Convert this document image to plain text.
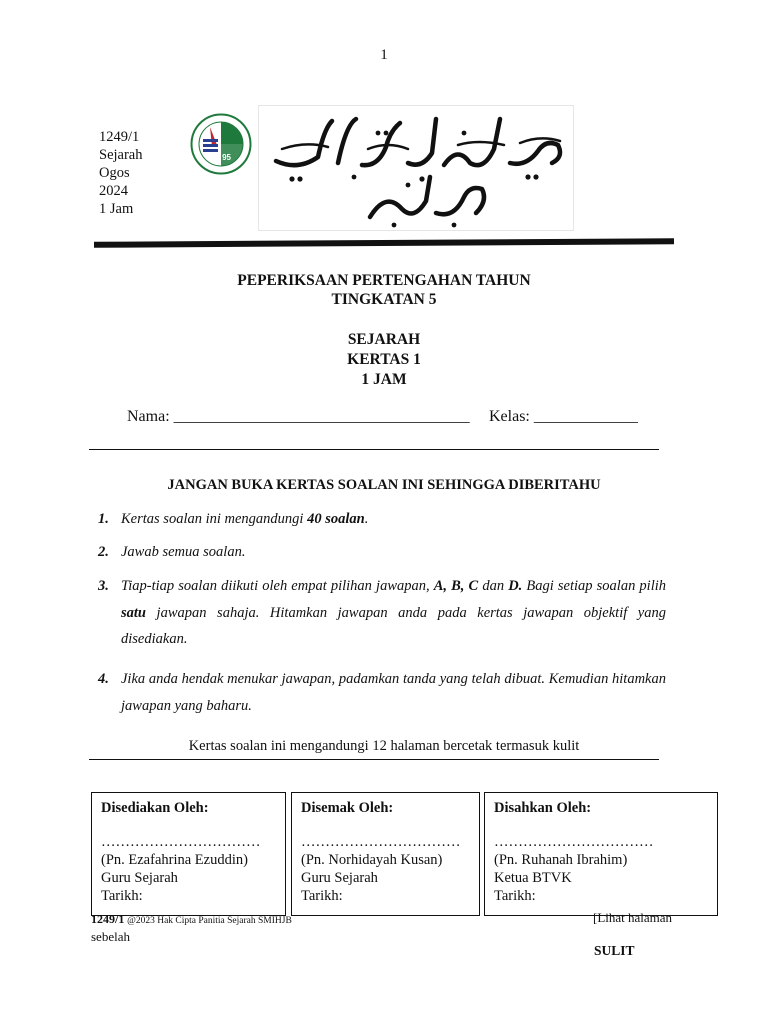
1
1249/1
Sejarah
Ogos
2024
1 Jam
19 95
PEPERIKSAAN PERTENGAHAN TAHUN
TINGKATAN 5
SEJARAH
KERTAS 1
1 JAM
Nama: _____________________________________ Kelas: _____________
JANGAN BUKA KERTAS SOALAN INI SEHINGGA DIBERITAHU
1. Kertas soalan ini mengandungi 40 soalan.
2. Jawab semua soalan.
3. Tiap-tiap soalan diikuti oleh empat pilihan jawapan, A, B, C dan D. Bagi setiap soalan pilih satu jawapan sahaja. Hitamkan jawapan anda pada kertas jawapan objektif yang disediakan.
4. Jika anda hendak menukar jawapan, padamkan tanda yang telah dibuat. Kemudian hitamkan jawapan yang baharu.
Kertas soalan ini mengandungi 12 halaman bercetak termasuk kulit
Disediakan Oleh:
……………………………
(Pn. Ezafahrina Ezuddin)
Guru Sejarah
Tarikh:
Disemak Oleh:
……………………………
(Pn. Norhidayah Kusan)
Guru Sejarah
Tarikh:
Disahkan Oleh:
……………………………
(Pn. Ruhanah Ibrahim)
Ketua BTVK
Tarikh:
1249/1 @2023 Hak Cipta Panitia Sejarah SMIHJB
sebelah
[Lihat halaman
SULIT
